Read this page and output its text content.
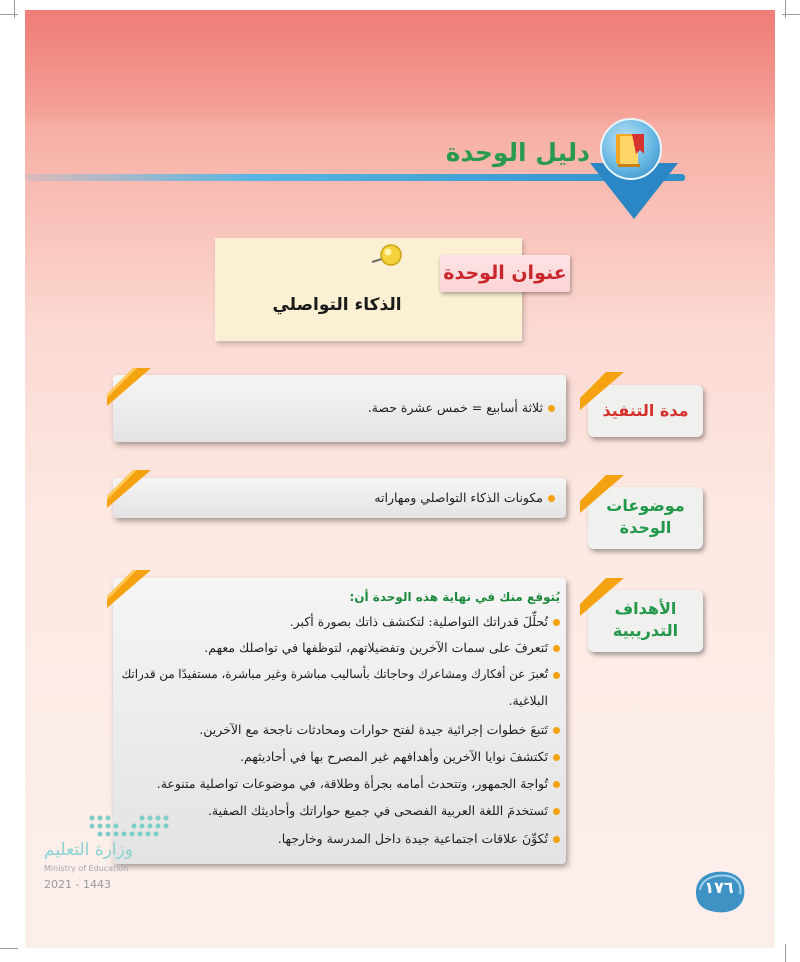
دليل الوحدة
عنوان الوحدة
الذكاء التواصلي
ثلاثة أسابيع = خمس عشرة حصة.	مدة التنفيذ
مكونات الذكاء التواصلي ومهاراته	موضوعات
الوحدة
يُتوقع منك في نهاية هذه الوحدة أن:
تُحلِّلَ قدراتك التواصلية: لتكتشف ذاتك بصورة أكبر.
تَتعرفَ على سمات الآخرين وتفضيلاتهم، لتوظفها في تواصلك معهم.
تُعبرَ عن أفكارك ومشاعرك وحاجاتك بأساليب مباشرة وغير مباشرة، مستفيدًا من قدراتك
البلاغية.
تَتبعَ خطوات إجرائية جيدة لفتح حوارات ومحادثات ناجحة مع الآخرين.
تَكتشفَ نوايا الآخرين وأهدافهم غير المصرح بها في أحاديثهم.
تُواجهَ الجمهور، وتتحدث أمامه بجرأة وطلاقة، في موضوعات تواصلية متنوعة.
تَستخدمَ اللغة العربية الفصحى في جميع حواراتك وأحاديثك الصفية.
تُكوِّنَ علاقات اجتماعية جيدة داخل المدرسة وخارجها.
الأهداف
التدريبية
وزارة التعليم
Ministry of Education
2021 - 1443	١٧٦
